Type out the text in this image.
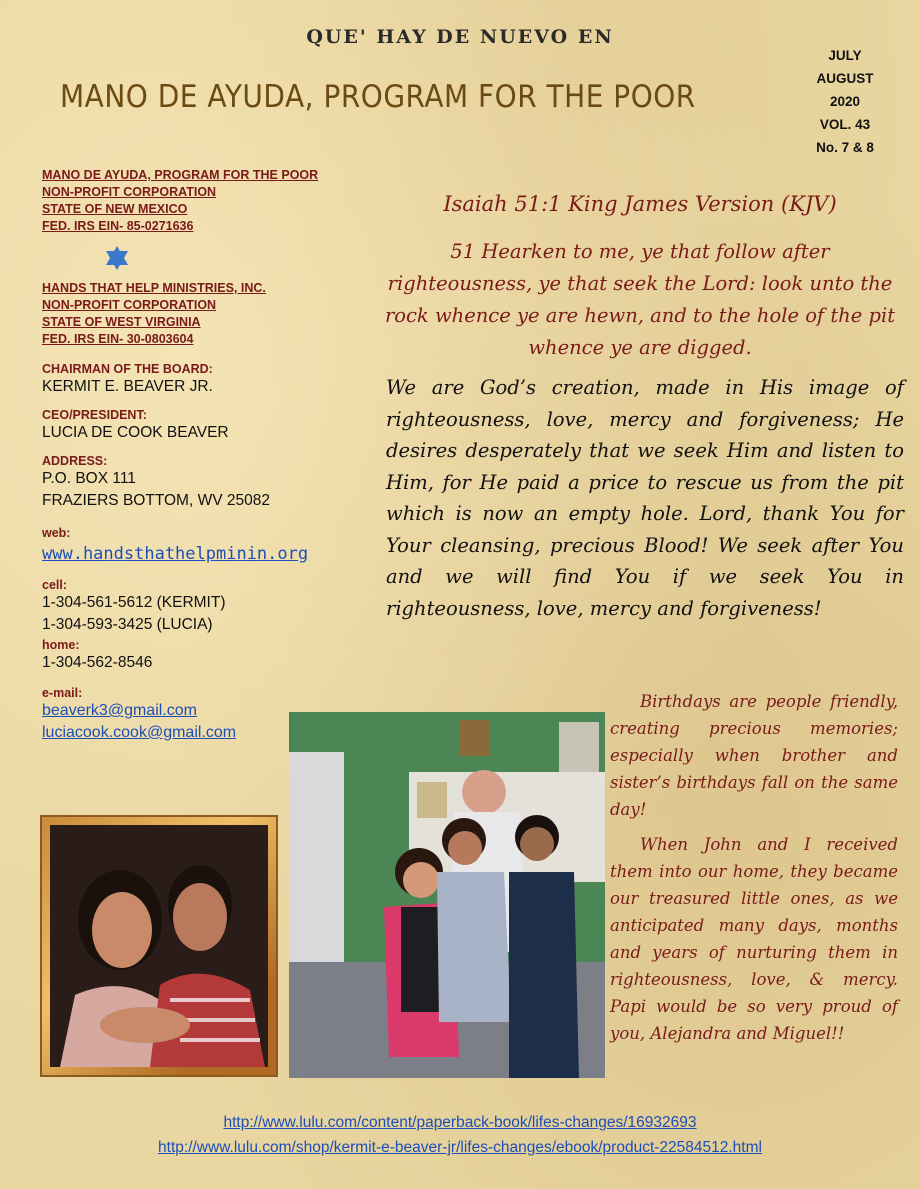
QUE' HAY DE NUEVO EN
MANO DE AYUDA, PROGRAM FOR THE POOR
JULY
AUGUST
2020
VOL. 43
No. 7 & 8
MANO DE AYUDA, PROGRAM FOR THE POOR
NON-PROFIT CORPORATION
STATE OF NEW MEXICO
FED. IRS EIN- 85-0271636
HANDS THAT HELP MINISTRIES, INC.
NON-PROFIT CORPORATION
STATE OF WEST VIRGINIA
FED. IRS EIN- 30-0803604
CHAIRMAN OF THE BOARD:
KERMIT E. BEAVER JR.
CEO/PRESIDENT:
LUCIA DE COOK BEAVER
ADDRESS:
P.O. BOX 111
FRAZIERS BOTTOM, WV 25082
web:
www.handsthathelpminin.org
cell:
1-304-561-5612 (KERMIT)
1-304-593-3425 (LUCIA)
home:
1-304-562-8546
e-mail:
beaverk3@gmail.com
luciacook.cook@gmail.com
Isaiah 51:1 King James Version (KJV)
51 Hearken to me, ye that follow after righteousness, ye that seek the Lord: look unto the rock whence ye are hewn, and to the hole of the pit whence ye are digged.
We are God’s creation, made in His image of righteousness, love, mercy and forgiveness; He desires desperately that we seek Him and listen to Him, for He paid a price to rescue us from the pit which is now an empty hole. Lord, thank You for Your cleansing, precious Blood! We seek after You and we will find You if we seek You in righteousness, love, mercy and forgiveness!

Birthdays are people friendly, creating precious memories; especially when brother and sister’s birthdays fall on the same day!

When John and I received them into our home, they became our treasured little ones, as we anticipated many days, months and years of nurturing them in righteousness, love, & mercy. Papi would be so very proud of you, Alejandra and Miguel!!

http://www.lulu.com/content/paperback-book/lifes-changes/16932693
http://www.lulu.com/shop/kermit-e-beaver-jr/lifes-changes/ebook/product-22584512.html
